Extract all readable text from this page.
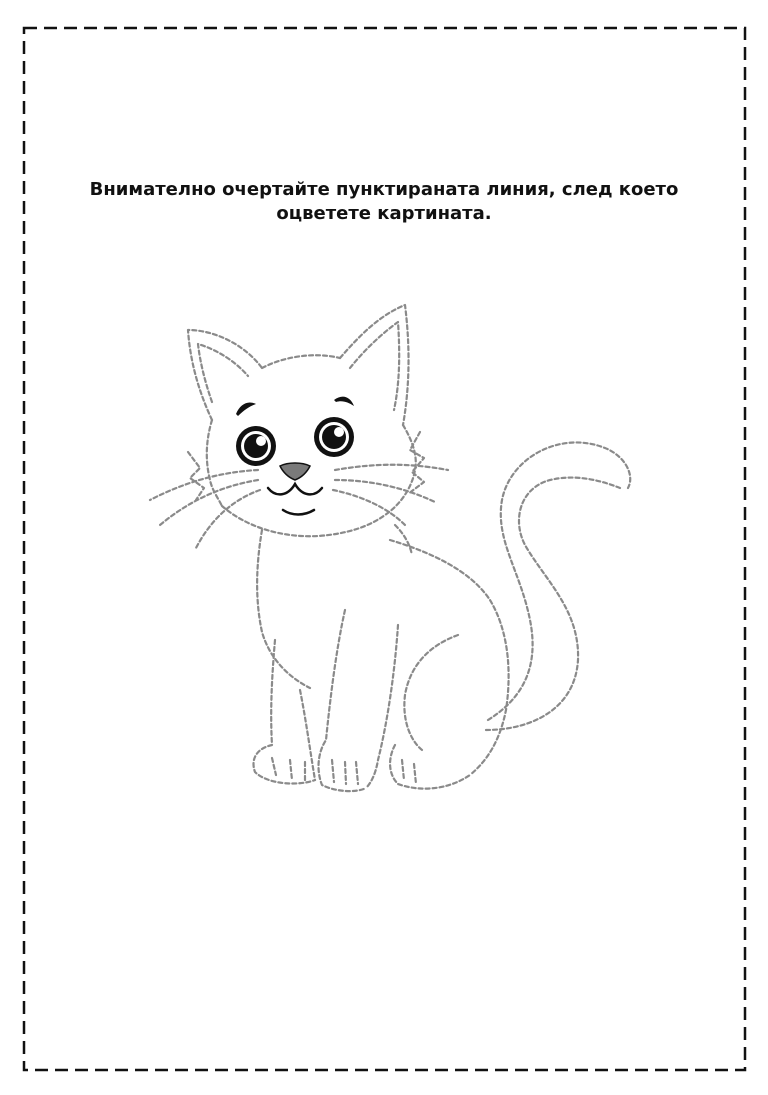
Внимателно очертайте пунктираната линия, след което оцветете картината.
